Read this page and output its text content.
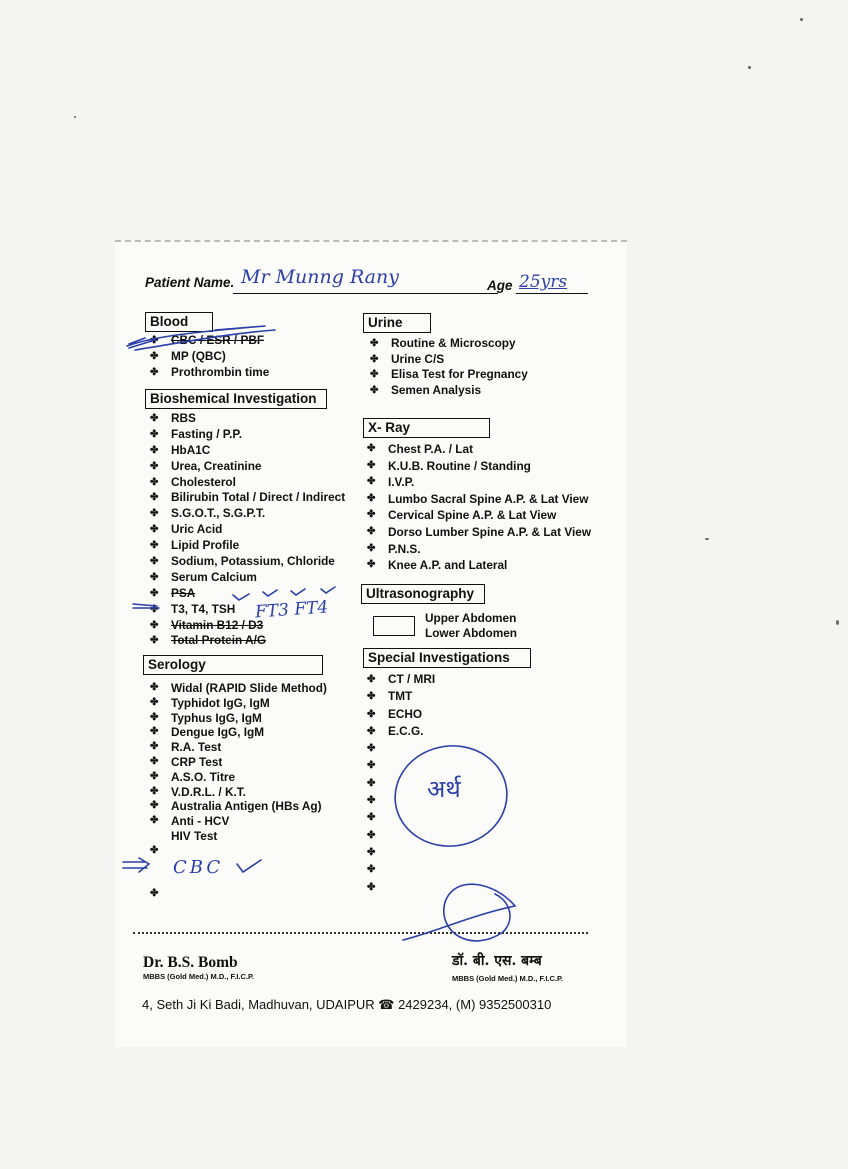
Patient Name. Mr Munng Rany	Age 25yrs
Blood
✤ CBC / ESR / PBF
✤ MP (QBC)
✤ Prothrombin time
Bioshemical Investigation
✤ RBS
✤ Fasting / P.P.
✤ HbA1C
✤ Urea, Creatinine
✤ Cholesterol
✤ Bilirubin Total / Direct / Indirect
✤ S.G.O.T., S.G.P.T.
✤ Uric Acid
✤ Lipid Profile
✤ Sodium, Potassium, Chloride
✤ Serum Calcium
✤ PSA
✤ T3, T4, TSH
✤ Vitamin B12 / D3
✤ Total Protein A/G
Serology
✤ Widal (RAPID Slide Method)
✤ Typhidot IgG, IgM
✤ Typhus IgG, IgM
✤ Dengue IgG, IgM
✤ R.A. Test
✤ CRP Test
✤ A.S.O. Titre
✤ V.D.R.L. / K.T.
✤ Australia Antigen (HBs Ag)
✤ Anti - HCV
HIV Test
✤
✤
Urine
✤ Routine & Microscopy
✤ Urine C/S
✤ Elisa Test for Pregnancy
✤ Semen Analysis
X- Ray
✤ Chest P.A. / Lat
✤ K.U.B. Routine / Standing
✤ I.V.P.
✤ Lumbo Sacral Spine A.P. & Lat View
✤ Cervical Spine A.P. & Lat View
✤ Dorso Lumber Spine A.P. & Lat View
✤ P.N.S.
✤ Knee A.P. and Lateral
Ultrasonography
Upper Abdomen
Lower Abdomen
Special Investigations
✤ CT / MRI
✤ TMT
✤ ECHO
✤ E.C.G.
✤
✤
✤
✤
✤
✤
✤
✤
✤
FT3 FT4
CBC
अर्थ
Dr. B.S. Bomb
MBBS (Gold Med.) M.D., F.I.C.P.
डॉ. बी. एस. बम्ब
MBBS (Gold Med.) M.D., F.I.C.P.
4, Seth Ji Ki Badi, Madhuvan, UDAIPUR ☎ 2429234, (M) 9352500310
